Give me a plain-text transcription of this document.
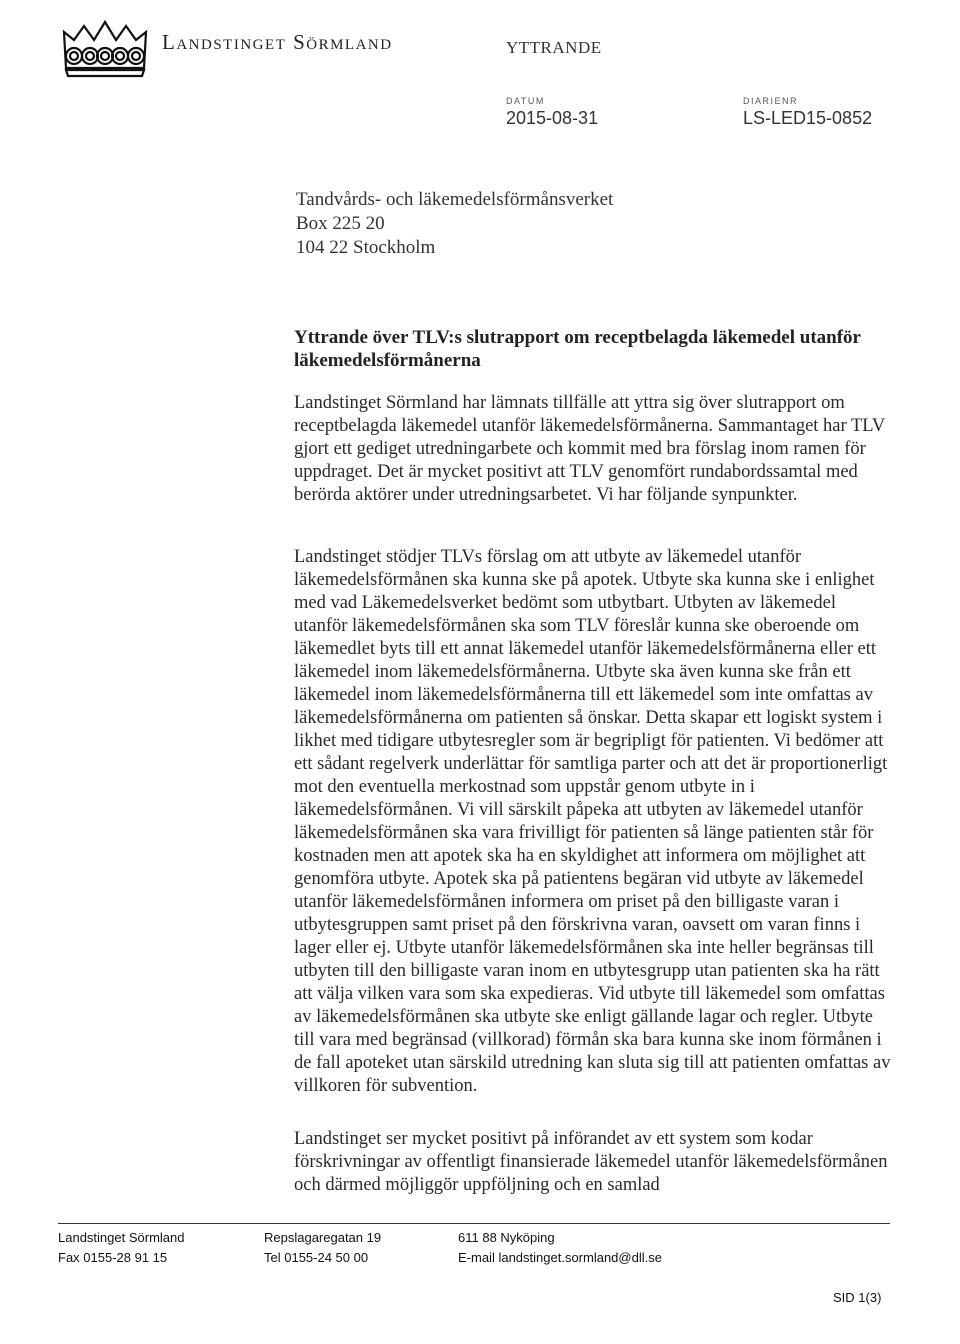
Landstinget Sörmland	YTTRANDE
DATUM
2015-08-31
DIARIENR
LS-LED15-0852
Tandvårds- och läkemedelsförmånsverket
Box 225 20
104 22 Stockholm
Yttrande över TLV:s slutrapport om receptbelagda läkemedel utanför läkemedelsförmånerna
Landstinget Sörmland har lämnats tillfälle att yttra sig över slutrapport om receptbelagda läkemedel utanför läkemedelsförmånerna. Sammantaget har TLV gjort ett gediget utredningarbete och kommit med bra förslag inom ramen för uppdraget. Det är mycket positivt att TLV genomfört rundabordssamtal med berörda aktörer under utredningsarbetet. Vi har följande synpunkter.
Landstinget stödjer TLVs förslag om att utbyte av läkemedel utanför läkemedelsförmånen ska kunna ske på apotek. Utbyte ska kunna ske i enlighet med vad Läkemedelsverket bedömt som utbytbart. Utbyten av läkemedel utanför läkemedelsförmånen ska som TLV föreslår kunna ske oberoende om läkemedlet byts till ett annat läkemedel utanför läkemedelsförmånerna eller ett läkemedel inom läkemedelsförmånerna. Utbyte ska även kunna ske från ett läkemedel inom läkemedelsförmånerna till ett läkemedel som inte omfattas av läkemedelsförmånerna om patienten så önskar. Detta skapar ett logiskt system i likhet med tidigare utbytesregler som är begripligt för patienten. Vi bedömer att ett sådant regelverk underlättar för samtliga parter och att det är proportionerligt mot den eventuella merkostnad som uppstår genom utbyte in i läkemedelsförmånen. Vi vill särskilt påpeka att utbyten av läkemedel utanför läkemedelsförmånen ska vara frivilligt för patienten så länge patienten står för kostnaden men att apotek ska ha en skyldighet att informera om möjlighet att genomföra utbyte. Apotek ska på patientens begäran vid utbyte av läkemedel utanför läkemedelsförmånen informera om priset på den billigaste varan i utbytesgruppen samt priset på den förskrivna varan, oavsett om varan finns i lager eller ej. Utbyte utanför läkemedelsförmånen ska inte heller begränsas till utbyten till den billigaste varan inom en utbytesgrupp utan patienten ska ha rätt att välja vilken vara som ska expedieras. Vid utbyte till läkemedel som omfattas av läkemedelsförmånen ska utbyte ske enligt gällande lagar och regler. Utbyte till vara med begränsad (villkorad) förmån ska bara kunna ske inom förmånen i de fall apoteket utan särskild utredning kan sluta sig till att patienten omfattas av villkoren för subvention.
Landstinget ser mycket positivt på införandet av ett system som kodar förskrivningar av offentligt finansierade läkemedel utanför läkemedelsförmånen och därmed möjliggör uppföljning och en samlad
Landstinget Sörmland
Fax 0155-28 91 15
Repslagaregatan 19
Tel 0155-24 50 00
611 88 Nyköping
E-mail landstinget.sormland@dll.se
SID 1(3)
